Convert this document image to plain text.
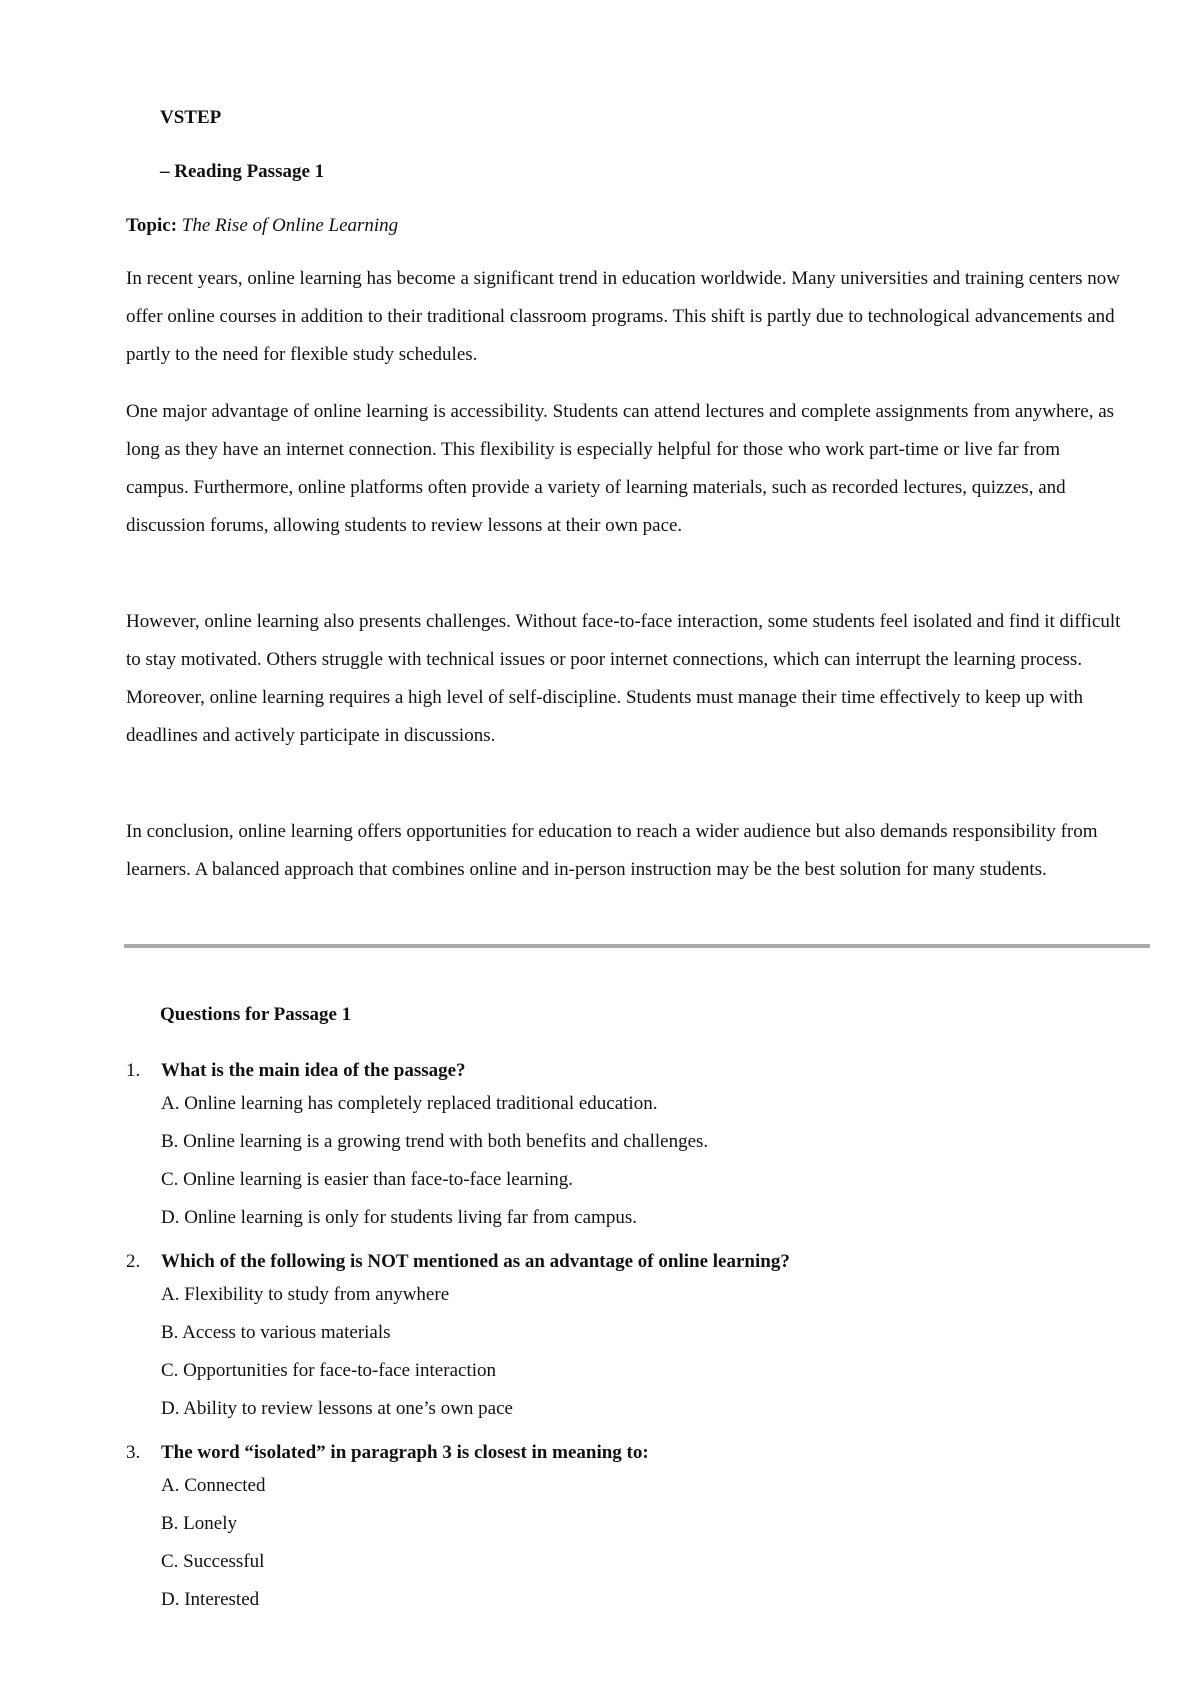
VSTEP
– Reading Passage 1
Topic: The Rise of Online Learning

In recent years, online learning has become a significant trend in education worldwide. Many universities and training centers now offer online courses in addition to their traditional classroom programs. This shift is partly due to technological advancements and partly to the need for flexible study schedules.

One major advantage of online learning is accessibility. Students can attend lectures and complete assignments from anywhere, as long as they have an internet connection. This flexibility is especially helpful for those who work part-time or live far from campus. Furthermore, online platforms often provide a variety of learning materials, such as recorded lectures, quizzes, and discussion forums, allowing students to review lessons at their own pace.

However, online learning also presents challenges. Without face-to-face interaction, some students feel isolated and find it difficult to stay motivated. Others struggle with technical issues or poor internet connections, which can interrupt the learning process. Moreover, online learning requires a high level of self-discipline. Students must manage their time effectively to keep up with deadlines and actively participate in discussions.

In conclusion, online learning offers opportunities for education to reach a wider audience but also demands responsibility from learners. A balanced approach that combines online and in-person instruction may be the best solution for many students.

Questions for Passage 1
1. What is the main idea of the passage?
A. Online learning has completely replaced traditional education.
B. Online learning is a growing trend with both benefits and challenges.
C. Online learning is easier than face-to-face learning.
D. Online learning is only for students living far from campus.
2. Which of the following is NOT mentioned as an advantage of online learning?
A. Flexibility to study from anywhere
B. Access to various materials
C. Opportunities for face-to-face interaction
D. Ability to review lessons at one’s own pace
3. The word “isolated” in paragraph 3 is closest in meaning to:
A. Connected
B. Lonely
C. Successful
D. Interested
